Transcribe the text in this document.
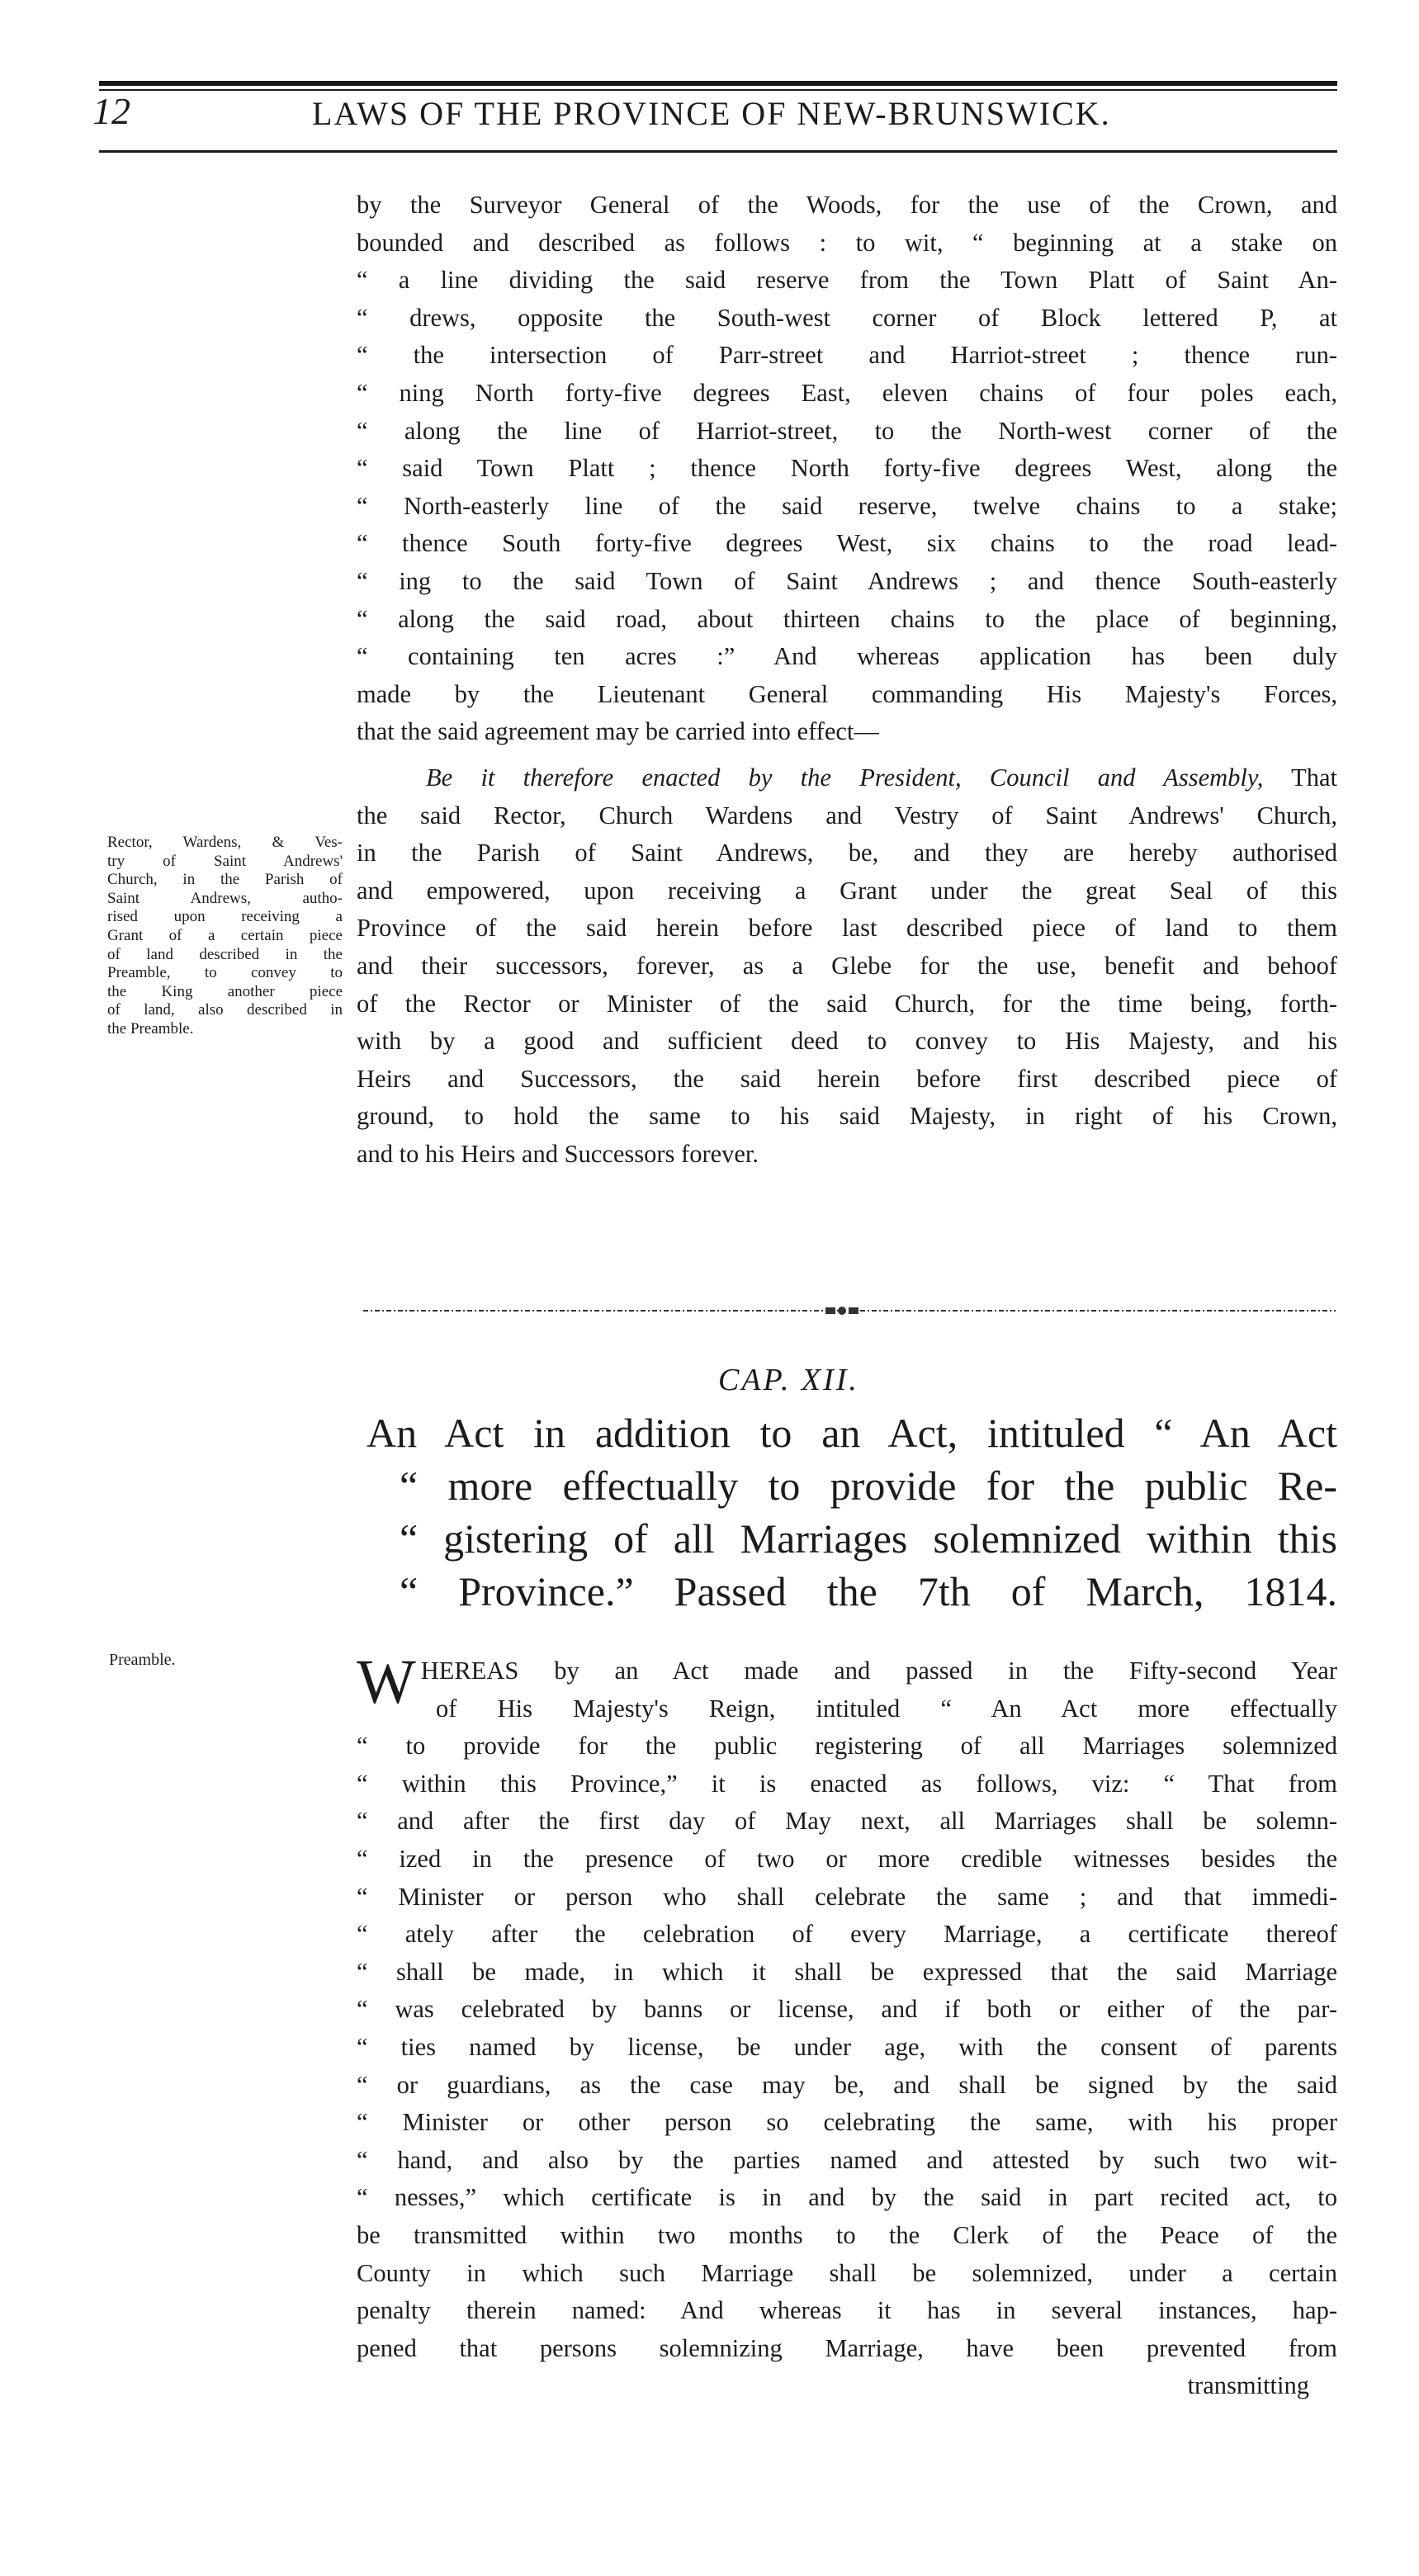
12	LAWS OF THE PROVINCE OF NEW-BRUNSWICK.
by the Surveyor General of the Woods, for the use of the Crown, and
bounded and described as follows : to wit, “ beginning at a stake on
“ a line dividing the said reserve from the Town Platt of Saint An-
“ drews, opposite the South-west corner of Block lettered P, at
“ the intersection of Parr-street and Harriot-street ; thence run-
“ ning North forty-five degrees East, eleven chains of four poles each,
“ along the line of Harriot-street, to the North-west corner of the
“ said Town Platt ; thence North forty-five degrees West, along the
“ North-easterly line of the said reserve, twelve chains to a stake;
“ thence South forty-five degrees West, six chains to the road lead-
“ ing to the said Town of Saint Andrews ; and thence South-easterly
“ along the said road, about thirteen chains to the place of beginning,
“ containing ten acres :” And whereas application has been duly
made by the Lieutenant General commanding His Majesty's Forces,
that the said agreement may be carried into effect—
Be it therefore enacted by the President, Council and Assembly, That
the said Rector, Church Wardens and Vestry of Saint Andrews' Church,
in the Parish of Saint Andrews, be, and they are hereby authorised
and empowered, upon receiving a Grant under the great Seal of this
Province of the said herein before last described piece of land to them
and their successors, forever, as a Glebe for the use, benefit and behoof
of the Rector or Minister of the said Church, for the time being, forth-
with by a good and sufficient deed to convey to His Majesty, and his
Heirs and Successors, the said herein before first described piece of
ground, to hold the same to his said Majesty, in right of his Crown,
and to his Heirs and Successors forever.
Rector, Wardens, & Ves-
try of Saint Andrews'
Church, in the Parish of
Saint Andrews, autho-
rised upon receiving a
Grant of a certain piece
of land described in the
Preamble, to convey to
the King another piece
of land, also described in
the Preamble.
CAP. XII.
An Act in addition to an Act, intituled “ An Act
“ more effectually to provide for the public Re-
“ gistering of all Marriages solemnized within this
“ Province.” Passed the 7th of March, 1814.
Preamble.	W HEREAS by an Act made and passed in the Fifty-second Year
of His Majesty's Reign, intituled “ An Act more effectually
“ to provide for the public registering of all Marriages solemnized
“ within this Province,” it is enacted as follows, viz: “ That from
“ and after the first day of May next, all Marriages shall be solemn-
“ ized in the presence of two or more credible witnesses besides the
“ Minister or person who shall celebrate the same ; and that immedi-
“ ately after the celebration of every Marriage, a certificate thereof
“ shall be made, in which it shall be expressed that the said Marriage
“ was celebrated by banns or license, and if both or either of the par-
“ ties named by license, be under age, with the consent of parents
“ or guardians, as the case may be, and shall be signed by the said
“ Minister or other person so celebrating the same, with his proper
“ hand, and also by the parties named and attested by such two wit-
“ nesses,” which certificate is in and by the said in part recited act, to
be transmitted within two months to the Clerk of the Peace of the
County in which such Marriage shall be solemnized, under a certain
penalty therein named: And whereas it has in several instances, hap-
pened that persons solemnizing Marriage, have been prevented from
transmitting
